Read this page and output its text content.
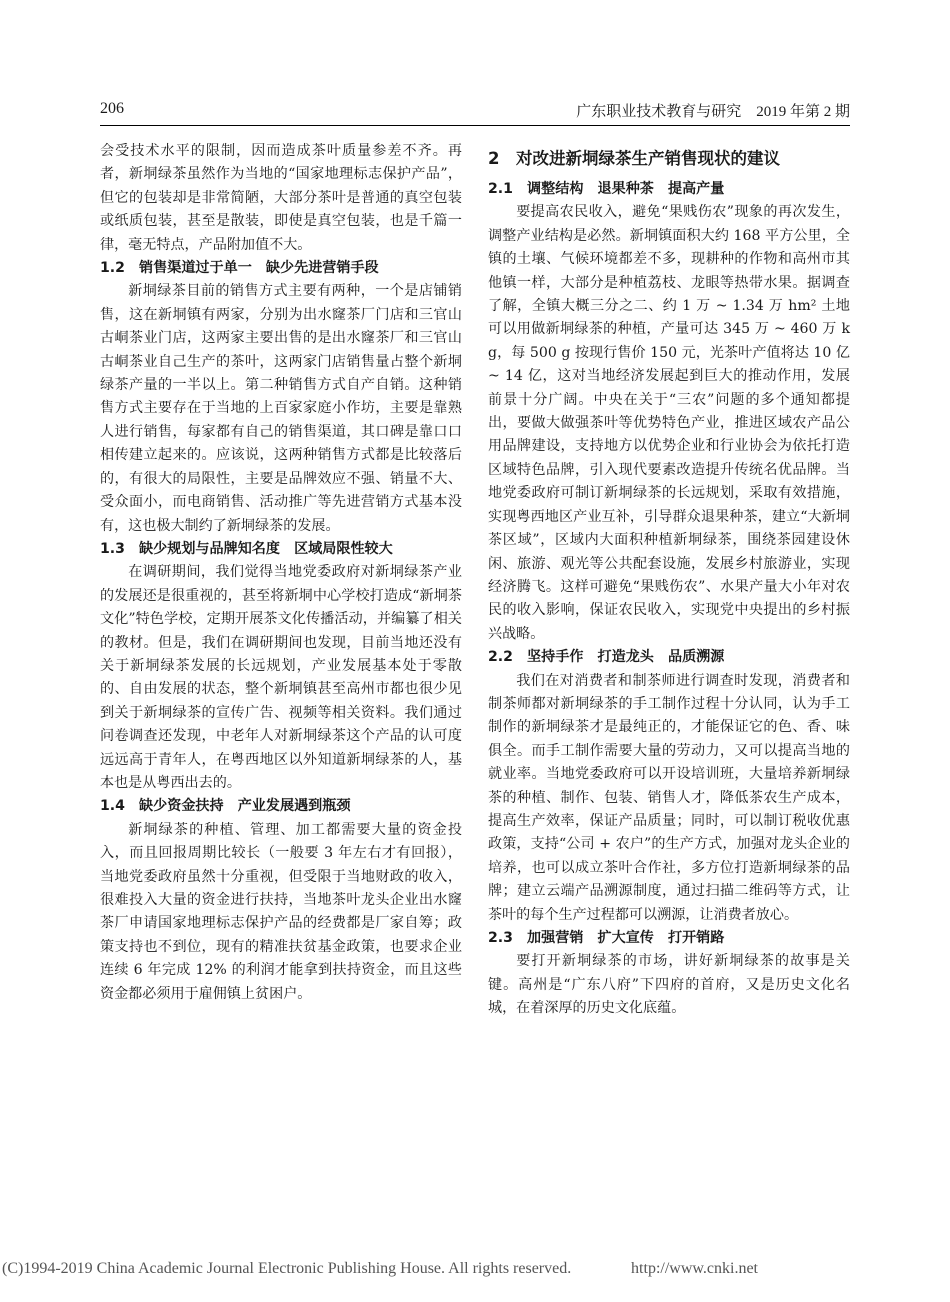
206	广东职业技术教育与研究　2019 年第 2 期

会受技术水平的限制，因而造成茶叶质量参差不齐。再者，新垌绿茶虽然作为当地的“国家地理标志保护产品”，但它的包装却是非常简陋，大部分茶叶是普通的真空包装或纸质包装，甚至是散装，即使是真空包装，也是千篇一律，毫无特点，产品附加值不大。

1.2　销售渠道过于单一　缺少先进营销手段

新垌绿茶目前的销售方式主要有两种，一个是店铺销售，这在新垌镇有两家，分别为出水窿茶厂门店和三官山古峒茶业门店，这两家主要出售的是出水窿茶厂和三官山古峒茶业自己生产的茶叶，这两家门店销售量占整个新垌绿茶产量的一半以上。第二种销售方式自产自销。这种销售方式主要存在于当地的上百家家庭小作坊，主要是靠熟人进行销售，每家都有自己的销售渠道，其口碑是靠口口相传建立起来的。应该说，这两种销售方式都是比较落后的，有很大的局限性，主要是品牌效应不强、销量不大、受众面小，而电商销售、活动推广等先进营销方式基本没有，这也极大制约了新垌绿茶的发展。

1.3　缺少规划与品牌知名度　区域局限性较大

在调研期间，我们觉得当地党委政府对新垌绿茶产业的发展还是很重视的，甚至将新垌中心学校打造成“新垌茶文化”特色学校，定期开展茶文化传播活动，并编纂了相关的教材。但是，我们在调研期间也发现，目前当地还没有关于新垌绿茶发展的长远规划，产业发展基本处于零散的、自由发展的状态，整个新垌镇甚至高州市都也很少见到关于新垌绿茶的宣传广告、视频等相关资料。我们通过问卷调查还发现，中老年人对新垌绿茶这个产品的认可度远远高于青年人，在粤西地区以外知道新垌绿茶的人，基本也是从粤西出去的。

1.4　缺少资金扶持　产业发展遇到瓶颈

新垌绿茶的种植、管理、加工都需要大量的资金投入，而且回报周期比较长（一般要 3 年左右才有回报），当地党委政府虽然十分重视，但受限于当地财政的收入，很难投入大量的资金进行扶持，当地茶叶龙头企业出水窿茶厂申请国家地理标志保护产品的经费都是厂家自筹；政策支持也不到位，现有的精准扶贫基金政策，也要求企业连续 6 年完成 12% 的利润才能拿到扶持资金，而且这些资金都必须用于雇佣镇上贫困户。

2　对改进新垌绿茶生产销售现状的建议
2.1　调整结构　退果种茶　提高产量

要提高农民收入，避免“果贱伤农”现象的再次发生，调整产业结构是必然。新垌镇面积大约 168 平方公里，全镇的土壤、气候环境都差不多，现耕种的作物和高州市其他镇一样，大部分是种植荔枝、龙眼等热带水果。据调查了解，全镇大概三分之二、约 1 万 ~ 1.34 万 hm² 土地可以用做新垌绿茶的种植，产量可达 345 万 ~ 460 万 kg，每 500 g 按现行售价 150 元，光茶叶产值将达 10 亿 ~ 14 亿，这对当地经济发展起到巨大的推动作用，发展前景十分广阔。中央在关于“三农”问题的多个通知都提出，要做大做强茶叶等优势特色产业，推进区域农产品公用品牌建设，支持地方以优势企业和行业协会为依托打造区域特色品牌，引入现代要素改造提升传统名优品牌。当地党委政府可制订新垌绿茶的长远规划，采取有效措施，实现粤西地区产业互补，引导群众退果种茶，建立“大新垌茶区域”，区域内大面积种植新垌绿茶，围绕茶园建设休闲、旅游、观光等公共配套设施，发展乡村旅游业，实现经济腾飞。这样可避免“果贱伤农”、水果产量大小年对农民的收入影响，保证农民收入，实现党中央提出的乡村振兴战略。

2.2　坚持手作　打造龙头　品质溯源

我们在对消费者和制茶师进行调查时发现，消费者和制茶师都对新垌绿茶的手工制作过程十分认同，认为手工制作的新垌绿茶才是最纯正的，才能保证它的色、香、味俱全。而手工制作需要大量的劳动力，又可以提高当地的就业率。当地党委政府可以开设培训班，大量培养新垌绿茶的种植、制作、包装、销售人才，降低茶农生产成本，提高生产效率，保证产品质量；同时，可以制订税收优惠政策，支持“公司 + 农户”的生产方式，加强对龙头企业的培养，也可以成立茶叶合作社，多方位打造新垌绿茶的品牌；建立云端产品溯源制度，通过扫描二维码等方式，让茶叶的每个生产过程都可以溯源，让消费者放心。

2.3　加强营销　扩大宣传　打开销路

要打开新垌绿茶的市场，讲好新垌绿茶的故事是关键。高州是“广东八府”下四府的首府，又是历史文化名城，在着深厚的历史文化底蕴。

(C)1994-2019 China Academic Journal Electronic Publishing House. All rights reserved.	http://www.cnki.net
